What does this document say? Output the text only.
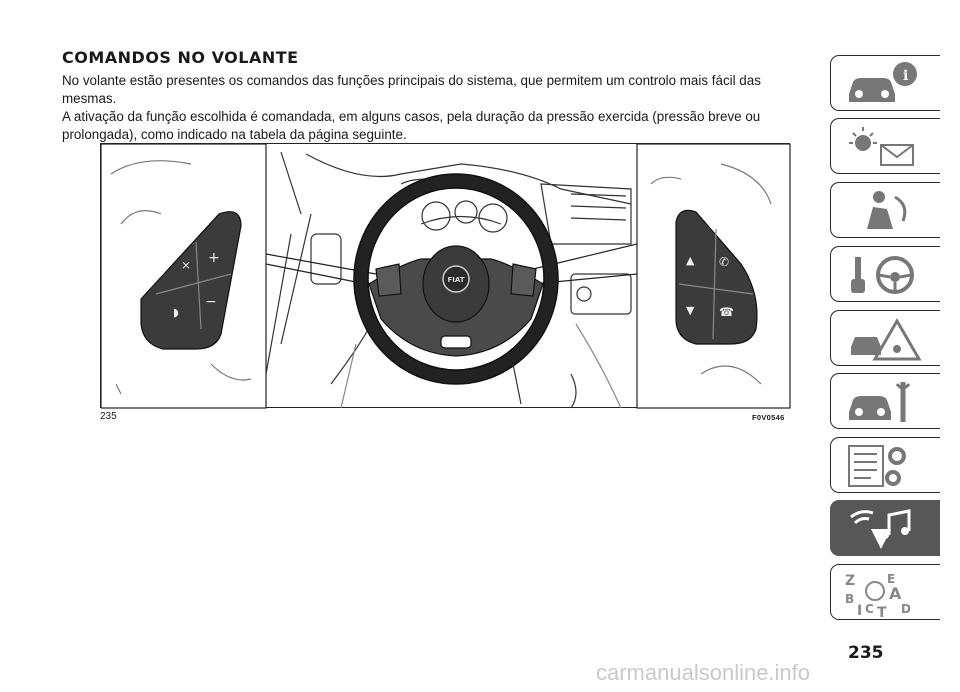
COMANDOS NO VOLANTE

No volante estão presentes os comandos das funções principais do sistema, que permitem um controlo mais fácil das mesmas.

A ativação da função escolhida é comandada, em alguns casos, pela duração da pressão exercida (pressão breve ou prolongada), como indicado na tabela da página seguinte.

⨯ +
◗
−
▲ ✆
▼ ☎
FIAT
235	F0V0546
i
Z	E
B A
I C T D
235
carmanualsonline.info
